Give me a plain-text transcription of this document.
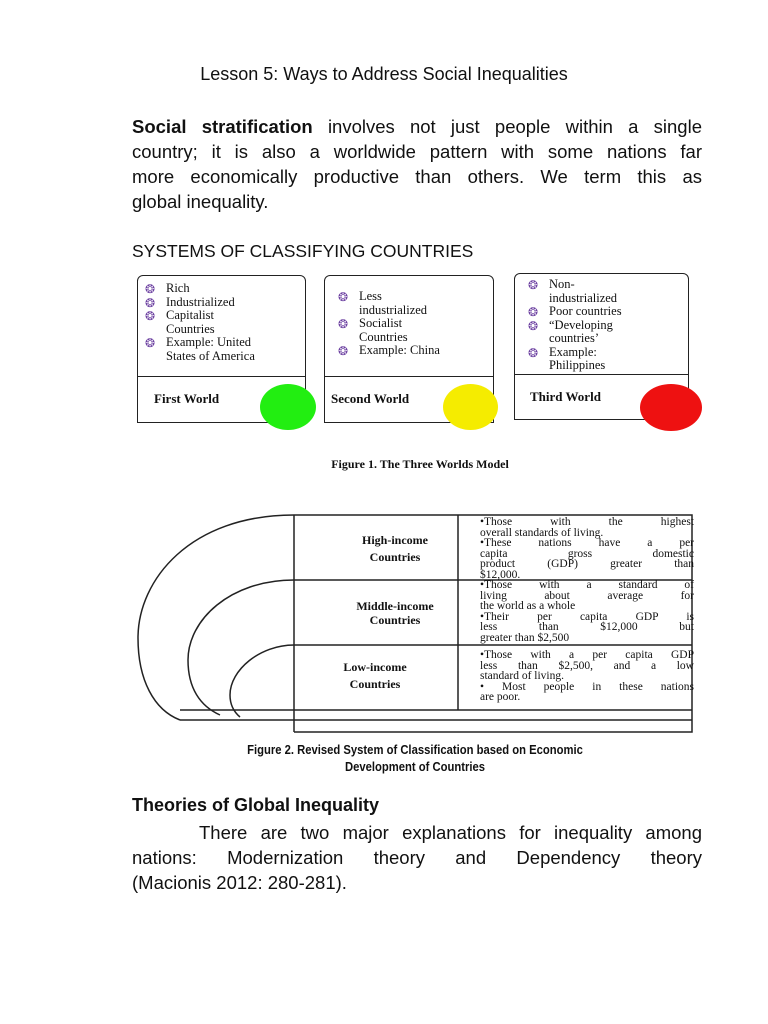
Lesson 5: Ways to Address Social Inequalities
Social stratification involves not just people within a single
country; it is also a worldwide pattern with some nations far
more economically productive than others. We term this as
global inequality.
SYSTEMS OF CLASSIFYING COUNTRIES
❂ Rich
❂ Industrialized
❂ Capitalist
Countries
❂ Example: United
States of America
First World
❂ Less
industrialized
❂ Socialist
Countries
❂ Example: China
Second World
❂ Non-
industrialized
❂ Poor countries
❂ “Developing
countries’
❂ Example:
Philippines
Third World
Figure 1. The Three Worlds Model
High-income
Countries
•Those with the highest
overall standards of living.
•These nations have a per
capita gross domestic
product (GDP) greater than
$12,000.
Middle-income
Countries
•Those with a standard of
living about average for
the world as a whole
•Their per capita GDP is
less than $12,000 but
greater than $2,500
Low-income
Countries
•Those with a per capita GDP
less than $2,500, and a low
standard of living.
• Most people in these nations
are poor.
Figure 2. Revised System of Classification based on Economic
Development of Countries
Theories of Global Inequality
There are two major explanations for inequality among
nations: Modernization theory and Dependency theory
(Macionis 2012: 280-281).
